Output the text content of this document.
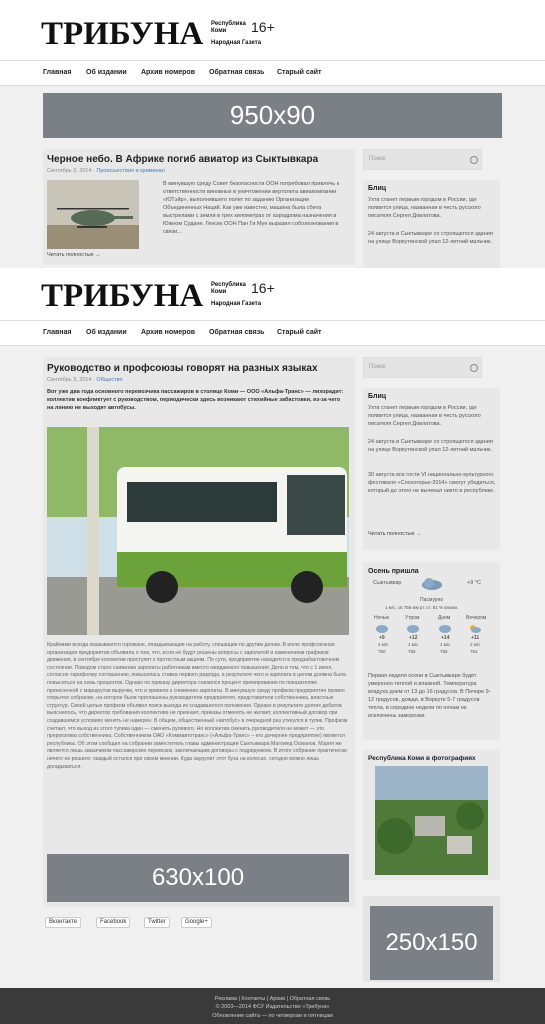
ТРИБУНА Республика
Коми	16+
Народная Газета
Главная Об издании Архив номеров Обратная связь Старый сайт
950x90
Черное небо. В Африке погиб авиатор из Сыктывкара
Сентябрь 3, 2014 · Происшествия и криминал
В минувшую среду Совет безопасности ООН потребовал привлечь к ответственности виновных в уничтожении вертолета авиакомпании «ЮТэйр», выполнявшего полет по заданию Организации Объединенных Наций. Как уже известно, машина была сбита выстрелами с земли в трех километрах от аэродрома назначения в Южном Судане. Генсек ООН Пан Ги Мун выразил соболезнования в связи...
Читать полностью →
Поиск
Блиц
Ухта станет первым городом в России, где появится улица, названная в честь русского писателя Сергея Довлатова.
24 августа в Сыктывкаре со строящегося здания на улице Воркутинской упал 12-летний мальчик.
ТРИБУНА Республика
Коми	16+
Народная Газета
Главная Об издании Архив номеров Обратная связь Старый сайт
Руководство и профсоюзы говорят на разных языках
Сентябрь 3, 2014 · Общество
Вот уже два года основного перевозчика пассажиров в столице Коми — ООО «Альфа-Транс» — лихорадит: коллектив конфликтует с руководством, периодически здесь возникают стихийные забастовки, из-за чего на линию не выходят автобусы.
Крайними всегда оказываются горожане, опаздывающие на работу, спешащие по другим делам. В июле профсоюзная организация предприятия объявила о том, что, если не будут решены вопросы с зарплатой и изменением графиков движения, в сентябре коллектив приступит к протестным акциям. По сути, предприятие находится в предзабастовочном состоянии. Поводом стало снижение зарплаты работникам вместо ожидаемого повышения. Дело в том, что с 1 июня, согласно тарифному соглашению, повысилась ставка первого разряда, в результате чего и зарплата в целом должна была повыситься на семь процентов. Однако по приказу директора снизился процент премирования по показателям принесенной с маршрутов выручки, что и привело к снижению зарплаты. В минувшую среду профком предприятия провел открытое собрание, на которое были приглашены руководители предприятия, представители собственника, властных структур. Своей целью профком объявил поиск выхода из создавшегося положения. Однако в результате долгих дебатов выяснилось, что директор требования коллектива не признает, приказы отменять не желает, коллективный договор при создавшемся условиях менять не намерен. В общем, общественный «автобус» в очередной раз уткнулся в тупик. Профком считает, что выход из этого тупика один — сменить рулевого. Но коллектив сменить руководителя не может — это прерогатива собственника. Собственником ОАО «Коммавтотранс» («Альфа-Транс» – его дочернее предприятие) является республика. Об этом сообщил на собрании заместитель главы администрации Сыктывкара Магомед Османов. Мэрия же является лишь заказчиком пассажирских перевозок, заключающим договоры с подрядчиком. В итоге собрание практически ничего не решило: каждый остался при своем мнении. Куда заурулит этот буза на колесах, сегодня можно лишь догадываться.
630x100
Вконтакте	Facebook	Twitter	Google+
Поиск
Блиц
Ухта станет первым городом в России, где появится улица, названная в честь русского писателя Сергея Довлатова.
24 августа в Сыктывкаре со строящегося здания на улице Воркутинской упал 12-летний мальчик.
30 августа все гости VI национально-культурного фестиваля «Сосногорье-2014» смогут убедиться, который до этого не вычекал никто в республике.
Читать полностью →
Осень пришла
Сыктывкар	+9 °C
Пасмурно
1 м/с, св 756 мм рт. ст. 81 % влажн.
Ночью	Утром	Днем	Вечером
+9	+12	+14	+11
2 м/с	1 м/с	1 м/с	2 м/с
750	755	755	754
Первая неделя осени в Сыктывкаре будет умеренно теплой и влажной. Температура воздуха днем от 13 до 16 градусов. В Печоре 9-12 градусов, дожди, в Воркуте 5-7 градусов тепла, в середине недели по ночам не исключены заморозки.
Республика Коми в фотографиях
250x150
Реклама | Контакты | Архив | Обратная связь
© 2003—2014 ФСУ Издательство «Трибуна»
Обновление сайта — по четвергам и пятницам
